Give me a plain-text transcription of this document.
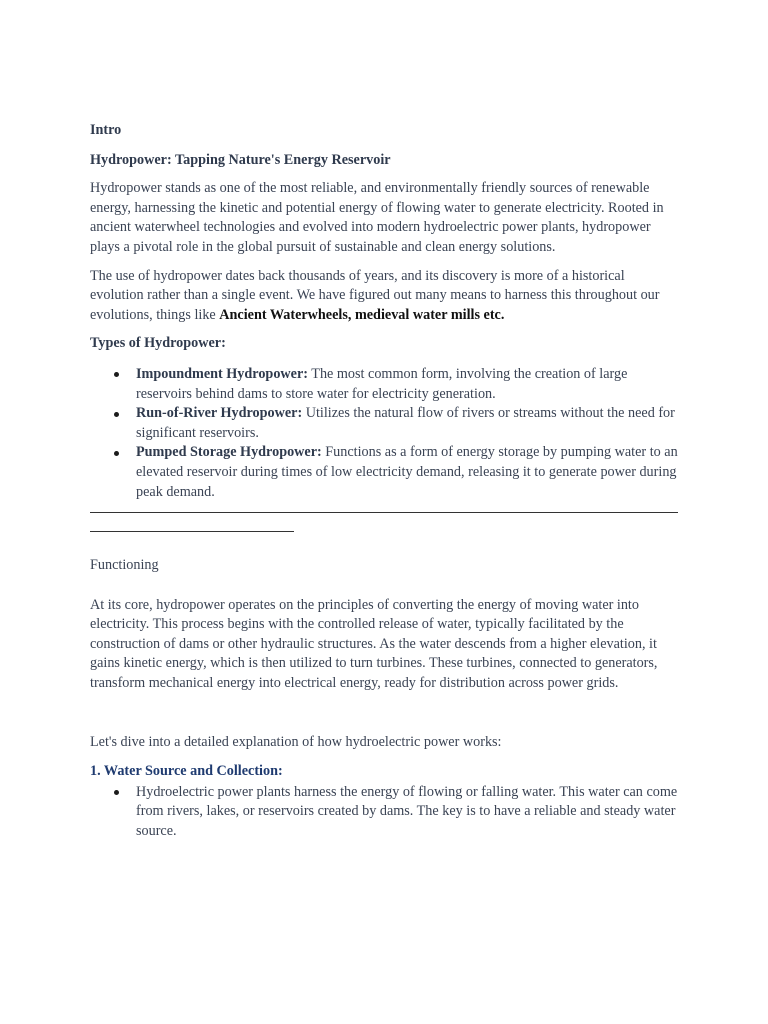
Intro

Hydropower: Tapping Nature's Energy Reservoir

Hydropower stands as one of the most reliable, and environmentally friendly sources of renewable energy, harnessing the kinetic and potential energy of flowing water to generate electricity. Rooted in ancient waterwheel technologies and evolved into modern hydroelectric power plants, hydropower plays a pivotal role in the global pursuit of sustainable and clean energy solutions.

The use of hydropower dates back thousands of years, and its discovery is more of a historical evolution rather than a single event. We have figured out many means to harness this throughout our evolutions, things like Ancient Waterwheels, medieval water mills etc.

Types of Hydropower:

Impoundment Hydropower: The most common form, involving the creation of large reservoirs behind dams to store water for electricity generation.
Run-of-River Hydropower: Utilizes the natural flow of rivers or streams without the need for significant reservoirs.
Pumped Storage Hydropower: Functions as a form of energy storage by pumping water to an elevated reservoir during times of low electricity demand, releasing it to generate power during peak demand.

Functioning

At its core, hydropower operates on the principles of converting the energy of moving water into electricity. This process begins with the controlled release of water, typically facilitated by the construction of dams or other hydraulic structures. As the water descends from a higher elevation, it gains kinetic energy, which is then utilized to turn turbines. These turbines, connected to generators, transform mechanical energy into electrical energy, ready for distribution across power grids.

Let's dive into a detailed explanation of how hydroelectric power works:

1. Water Source and Collection:

Hydroelectric power plants harness the energy of flowing or falling water. This water can come from rivers, lakes, or reservoirs created by dams. The key is to have a reliable and steady water source.
